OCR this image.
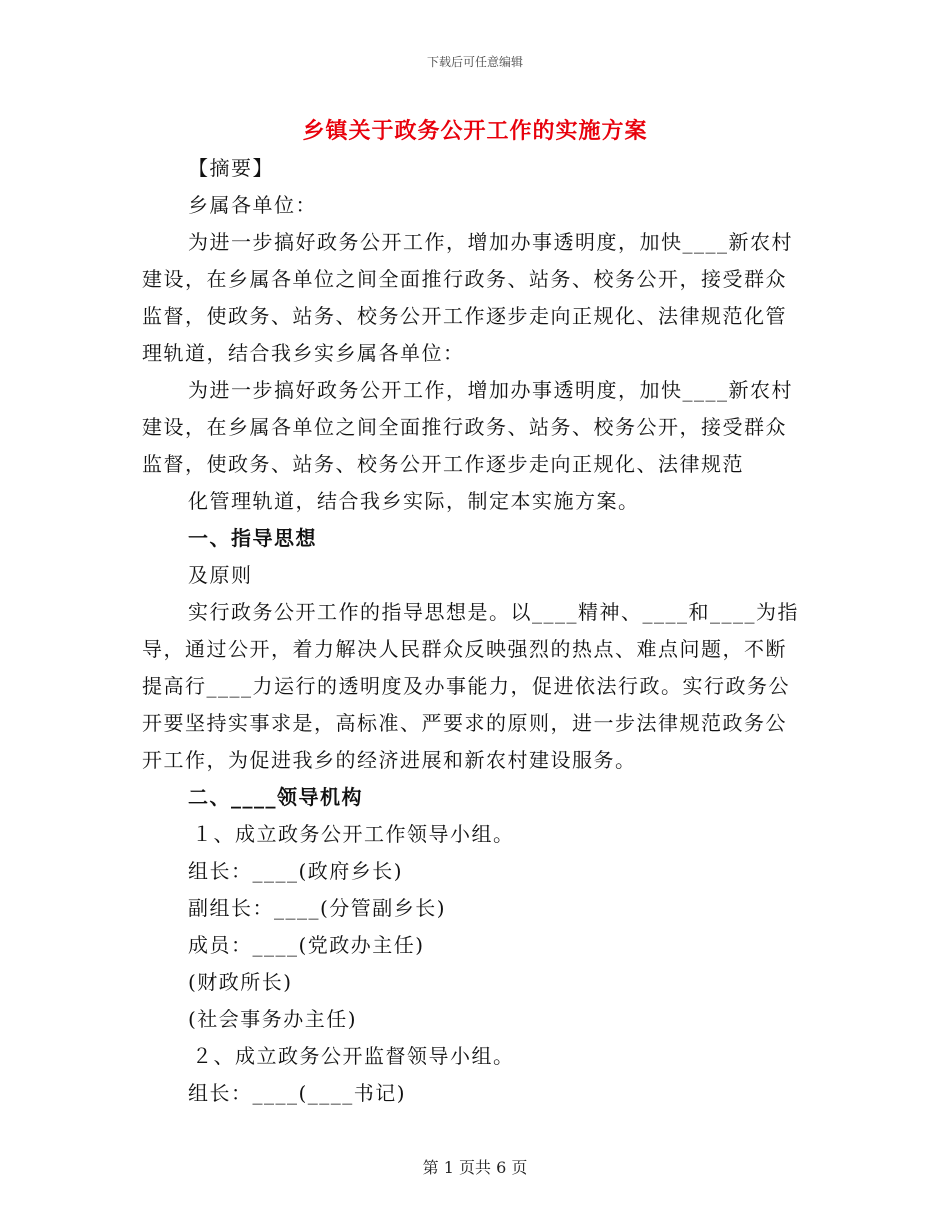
下载后可任意编辑
乡镇关于政务公开工作的实施方案

【摘要】

乡属各单位：

为进一步搞好政务公开工作，增加办事透明度，加快____新农村建设，在乡属各单位之间全面推行政务、站务、校务公开，接受群众监督，使政务、站务、校务公开工作逐步走向正规化、法律规范化管理轨道，结合我乡实乡属各单位：

为进一步搞好政务公开工作，增加办事透明度，加快____新农村建设，在乡属各单位之间全面推行政务、站务、校务公开，接受群众监督，使政务、站务、校务公开工作逐步走向正规化、法律规范

化管理轨道，结合我乡实际，制定本实施方案。

一、指导思想

及原则

实行政务公开工作的指导思想是。以____精神、____和____为指导，通过公开，着力解决人民群众反映强烈的热点、难点问题，不断提高行____力运行的透明度及办事能力，促进依法行政。实行政务公开要坚持实事求是，高标准、严要求的原则，进一步法律规范政务公开工作，为促进我乡的经济进展和新农村建设服务。

二、____领导机构

１、成立政务公开工作领导小组。

组长：____(政府乡长)

副组长：____(分管副乡长)

成员：____(党政办主任)

(财政所长)

(社会事务办主任)

２、成立政务公开监督领导小组。

组长：____(____书记)

第 1 页共 6 页
